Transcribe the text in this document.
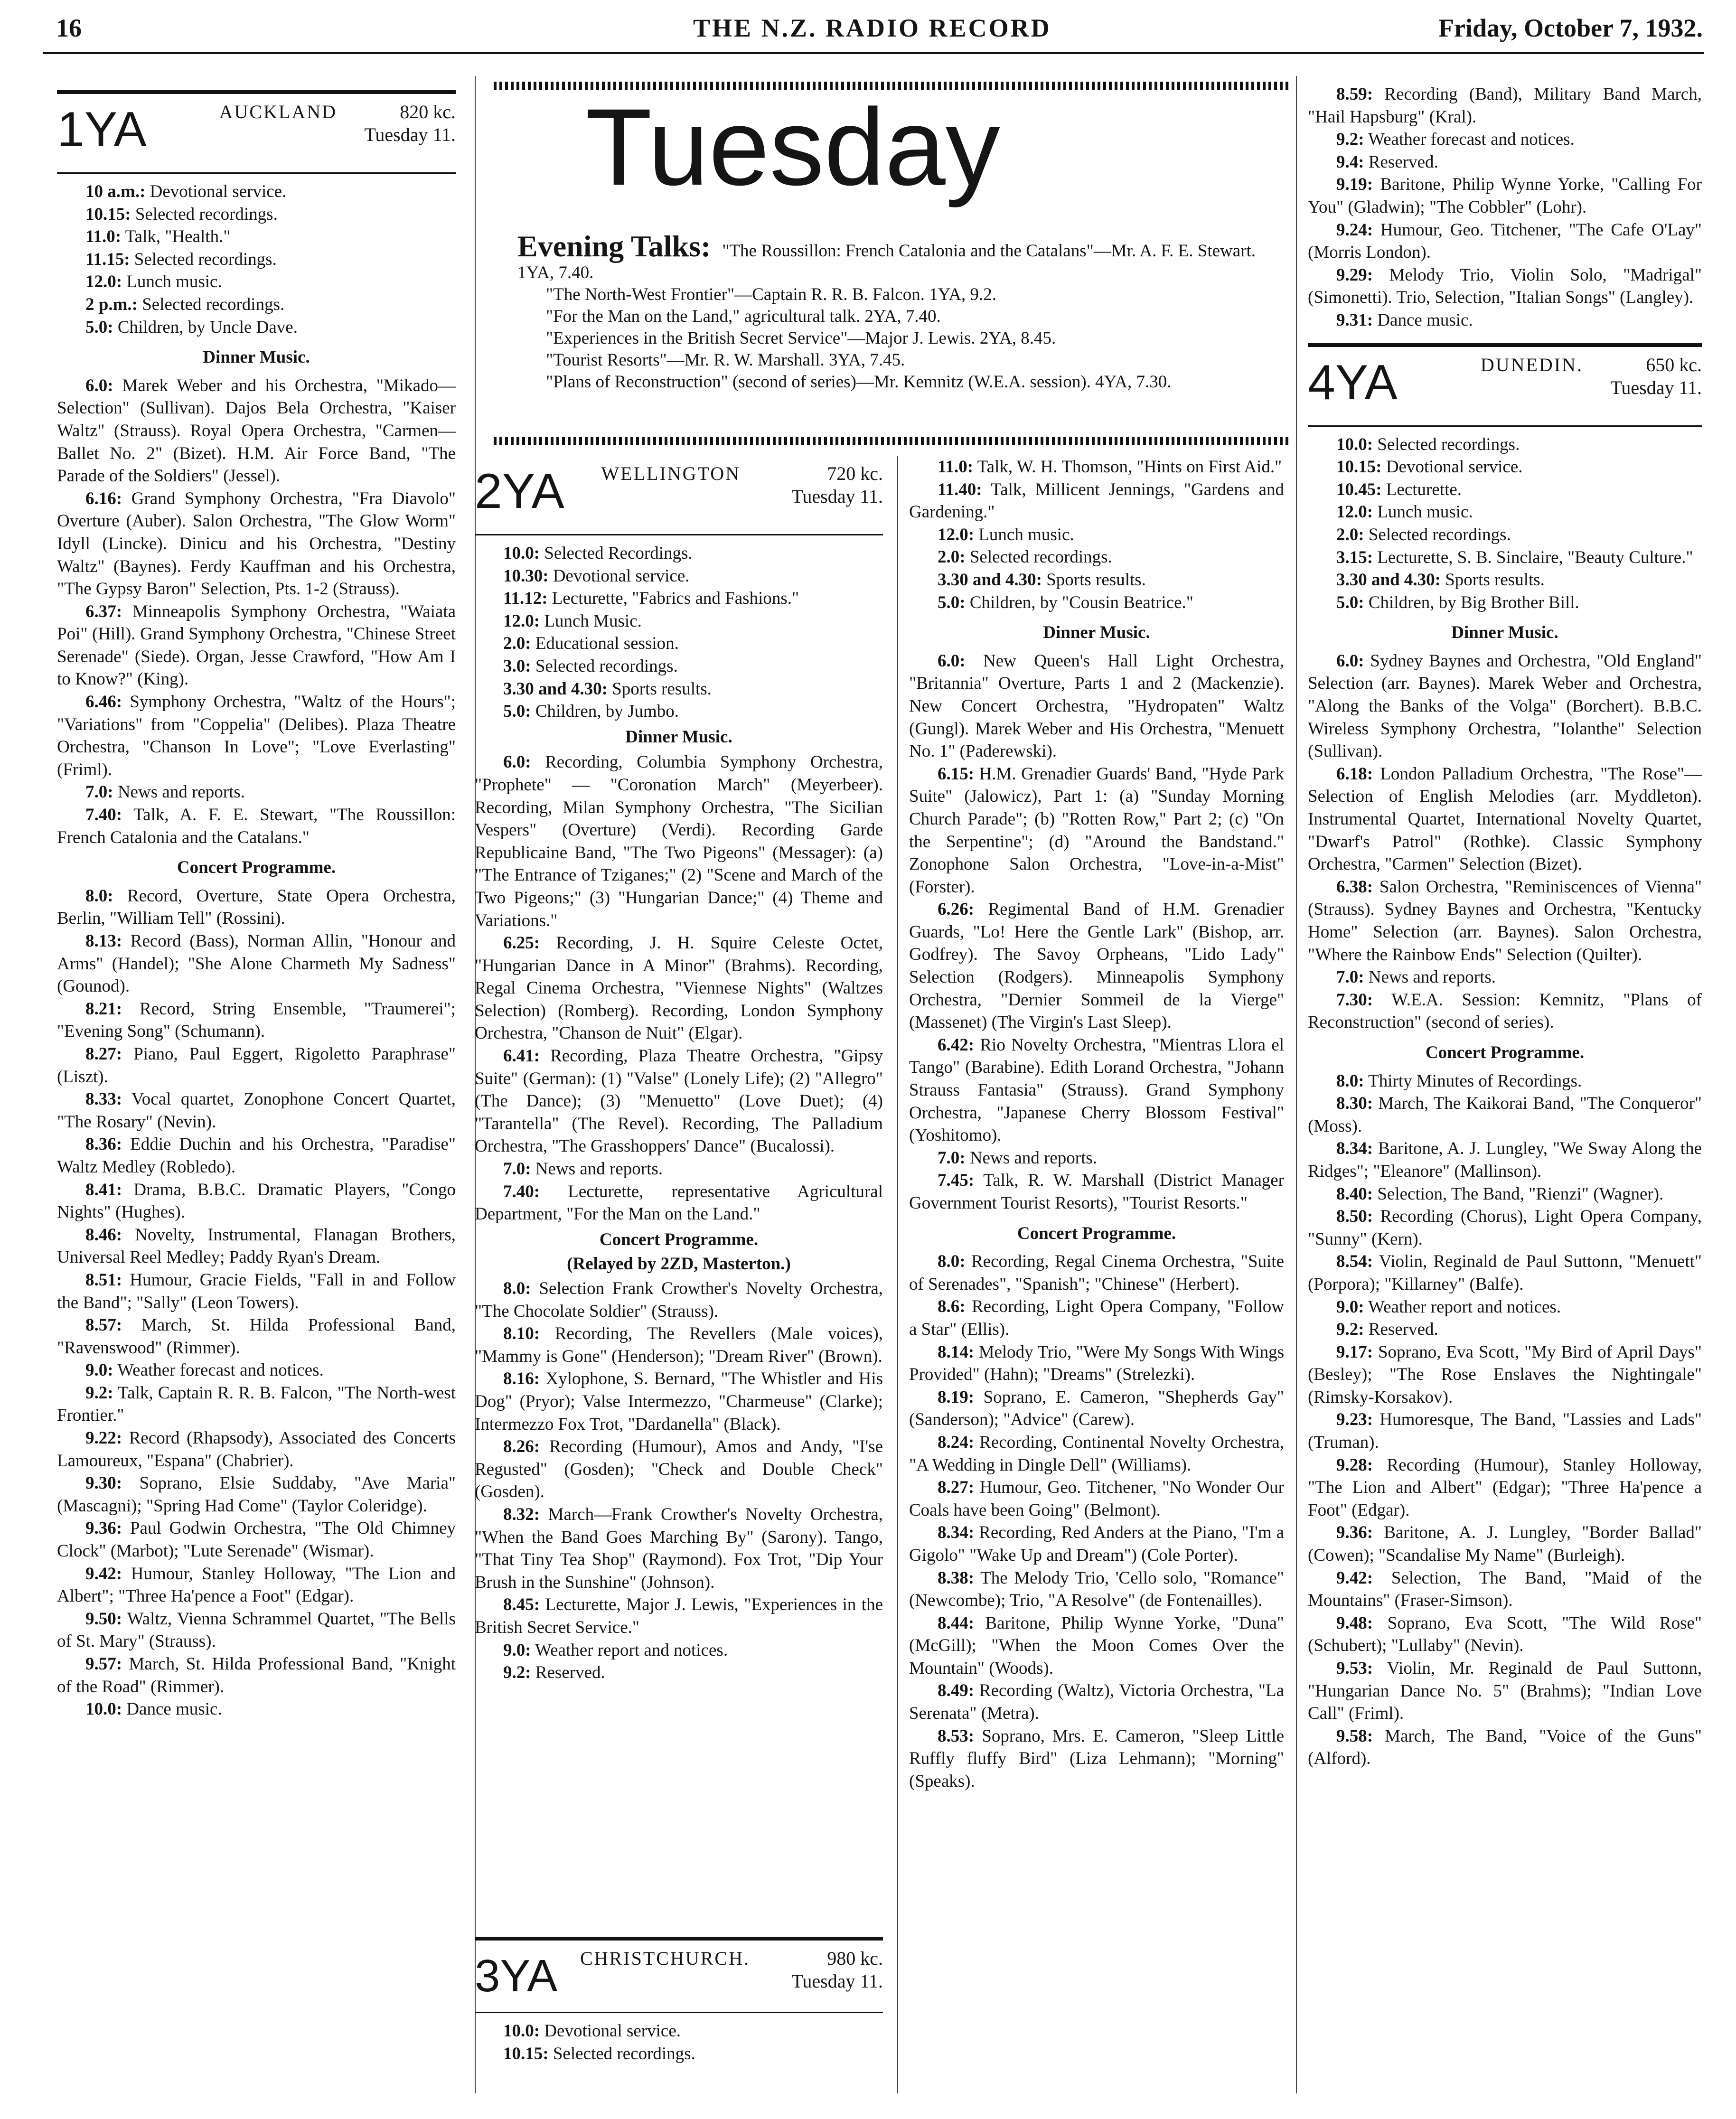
16	THE N.Z. RADIO RECORD	Friday, October 7, 1932.
Tuesday

Evening Talks: "The Roussillon: French Catalonia and the Catalans"—Mr. A. F. E. Stewart. 1YA, 7.40.

"The North-West Frontier"—Captain R. R. B. Falcon. 1YA, 9.2.

"For the Man on the Land," agricultural talk. 2YA, 7.40.

"Experiences in the British Secret Service"—Major J. Lewis. 2YA, 8.45.

"Tourist Resorts"—Mr. R. W. Marshall. 3YA, 7.45.

"Plans of Reconstruction" (second of series)—Mr. Kemnitz (W.E.A. session). 4YA, 7.30.

1YA	AUCKLAND	820 kc.
Tuesday 11.

10 a.m.: Devotional service.

10.15: Selected recordings.

11.0: Talk, "Health."

11.15: Selected recordings.

12.0: Lunch music.

2 p.m.: Selected recordings.

5.0: Children, by Uncle Dave.

Dinner Music.

6.0: Marek Weber and his Orchestra, "Mikado—Selection" (Sullivan). Dajos Bela Orchestra, "Kaiser Waltz" (Strauss). Royal Opera Orchestra, "Carmen—Ballet No. 2" (Bizet). H.M. Air Force Band, "The Parade of the Soldiers" (Jessel).

6.16: Grand Symphony Orchestra, "Fra Diavolo" Overture (Auber). Salon Orchestra, "The Glow Worm" Idyll (Lincke). Dinicu and his Orchestra, "Destiny Waltz" (Baynes). Ferdy Kauffman and his Orchestra, "The Gypsy Baron" Selection, Pts. 1-2 (Strauss).

6.37: Minneapolis Symphony Orchestra, "Waiata Poi" (Hill). Grand Symphony Orchestra, "Chinese Street Serenade" (Siede). Organ, Jesse Crawford, "How Am I to Know?" (King).

6.46: Symphony Orchestra, "Waltz of the Hours"; "Variations" from "Coppelia" (Delibes). Plaza Theatre Orchestra, "Chanson In Love"; "Love Everlasting" (Friml).

7.0: News and reports.

7.40: Talk, A. F. E. Stewart, "The Roussillon: French Catalonia and the Catalans."

Concert Programme.

8.0: Record, Overture, State Opera Orchestra, Berlin, "William Tell" (Rossini).

8.13: Record (Bass), Norman Allin, "Honour and Arms" (Handel); "She Alone Charmeth My Sadness" (Gounod).

8.21: Record, String Ensemble, "Traumerei"; "Evening Song" (Schumann).

8.27: Piano, Paul Eggert, Rigoletto Paraphrase" (Liszt).

8.33: Vocal quartet, Zonophone Concert Quartet, "The Rosary" (Nevin).

8.36: Eddie Duchin and his Orchestra, "Paradise" Waltz Medley (Robledo).

8.41: Drama, B.B.C. Dramatic Players, "Congo Nights" (Hughes).

8.46: Novelty, Instrumental, Flanagan Brothers, Universal Reel Medley; Paddy Ryan's Dream.

8.51: Humour, Gracie Fields, "Fall in and Follow the Band"; "Sally" (Leon Towers).

8.57: March, St. Hilda Professional Band, "Ravenswood" (Rimmer).

9.0: Weather forecast and notices.

9.2: Talk, Captain R. R. B. Falcon, "The North-west Frontier."

9.22: Record (Rhapsody), Associated des Concerts Lamoureux, "Espana" (Chabrier).

9.30: Soprano, Elsie Suddaby, "Ave Maria" (Mascagni); "Spring Had Come" (Taylor Coleridge).

9.36: Paul Godwin Orchestra, "The Old Chimney Clock" (Marbot); "Lute Serenade" (Wismar).

9.42: Humour, Stanley Holloway, "The Lion and Albert"; "Three Ha'pence a Foot" (Edgar).

9.50: Waltz, Vienna Schrammel Quartet, "The Bells of St. Mary" (Strauss).

9.57: March, St. Hilda Professional Band, "Knight of the Road" (Rimmer).

10.0: Dance music.

2YA WELLINGTON	720 kc.
Tuesday 11.

10.0: Selected Recordings.

10.30: Devotional service.

11.12: Lecturette, "Fabrics and Fashions."

12.0: Lunch Music.

2.0: Educational session.

3.0: Selected recordings.

3.30 and 4.30: Sports results.

5.0: Children, by Jumbo.

Dinner Music.

6.0: Recording, Columbia Symphony Orchestra, "Prophete" — "Coronation March" (Meyerbeer). Recording, Milan Symphony Orchestra, "The Sicilian Vespers" (Overture) (Verdi). Recording Garde Republicaine Band, "The Two Pigeons" (Messager): (a) "The Entrance of Tziganes;" (2) "Scene and March of the Two Pigeons;" (3) "Hungarian Dance;" (4) Theme and Variations."

6.25: Recording, J. H. Squire Celeste Octet, "Hungarian Dance in A Minor" (Brahms). Recording, Regal Cinema Orchestra, "Viennese Nights" (Waltzes Selection) (Romberg). Recording, London Symphony Orchestra, "Chanson de Nuit" (Elgar).

6.41: Recording, Plaza Theatre Orchestra, "Gipsy Suite" (German): (1) "Valse" (Lonely Life); (2) "Allegro" (The Dance); (3) "Menuetto" (Love Duet); (4) "Tarantella" (The Revel). Recording, The Palladium Orchestra, "The Grasshoppers' Dance" (Bucalossi).

7.0: News and reports.

7.40: Lecturette, representative Agricultural Department, "For the Man on the Land."

Concert Programme.

(Relayed by 2ZD, Masterton.)

8.0: Selection Frank Crowther's Novelty Orchestra, "The Chocolate Soldier" (Strauss).

8.10: Recording, The Revellers (Male voices), "Mammy is Gone" (Henderson); "Dream River" (Brown).

8.16: Xylophone, S. Bernard, "The Whistler and His Dog" (Pryor); Valse Intermezzo, "Charmeuse" (Clarke); Intermezzo Fox Trot, "Dardanella" (Black).

8.26: Recording (Humour), Amos and Andy, "I'se Regusted" (Gosden); "Check and Double Check" (Gosden).

8.32: March—Frank Crowther's Novelty Orchestra, "When the Band Goes Marching By" (Sarony). Tango, "That Tiny Tea Shop" (Raymond). Fox Trot, "Dip Your Brush in the Sunshine" (Johnson).

8.45: Lecturette, Major J. Lewis, "Experiences in the British Secret Service."

9.0: Weather report and notices.

9.2: Reserved.

3YA CHRISTCHURCH.	980 kc.
Tuesday 11.

10.0: Devotional service.

10.15: Selected recordings.

11.0: Talk, W. H. Thomson, "Hints on First Aid."

11.40: Talk, Millicent Jennings, "Gardens and Gardening."

12.0: Lunch music.

2.0: Selected recordings.

3.30 and 4.30: Sports results.

5.0: Children, by "Cousin Beatrice."

Dinner Music.

6.0: New Queen's Hall Light Orchestra, "Britannia" Overture, Parts 1 and 2 (Mackenzie). New Concert Orchestra, "Hydropaten" Waltz (Gungl). Marek Weber and His Orchestra, "Menuett No. 1" (Paderewski).

6.15: H.M. Grenadier Guards' Band, "Hyde Park Suite" (Jalowicz), Part 1: (a) "Sunday Morning Church Parade"; (b) "Rotten Row," Part 2; (c) "On the Serpentine"; (d) "Around the Bandstand." Zonophone Salon Orchestra, "Love-in-a-Mist" (Forster).

6.26: Regimental Band of H.M. Grenadier Guards, "Lo! Here the Gentle Lark" (Bishop, arr. Godfrey). The Savoy Orpheans, "Lido Lady" Selection (Rodgers). Minneapolis Symphony Orchestra, "Dernier Sommeil de la Vierge" (Massenet) (The Virgin's Last Sleep).

6.42: Rio Novelty Orchestra, "Mientras Llora el Tango" (Barabine). Edith Lorand Orchestra, "Johann Strauss Fantasia" (Strauss). Grand Symphony Orchestra, "Japanese Cherry Blossom Festival" (Yoshitomo).

7.0: News and reports.

7.45: Talk, R. W. Marshall (District Manager Government Tourist Resorts), "Tourist Resorts."

Concert Programme.

8.0: Recording, Regal Cinema Orchestra, "Suite of Serenades", "Spanish"; "Chinese" (Herbert).

8.6: Recording, Light Opera Company, "Follow a Star" (Ellis).

8.14: Melody Trio, "Were My Songs With Wings Provided" (Hahn); "Dreams" (Strelezki).

8.19: Soprano, E. Cameron, "Shepherds Gay" (Sanderson); "Advice" (Carew).

8.24: Recording, Continental Novelty Orchestra, "A Wedding in Dingle Dell" (Williams).

8.27: Humour, Geo. Titchener, "No Wonder Our Coals have been Going" (Belmont).

8.34: Recording, Red Anders at the Piano, "I'm a Gigolo" "Wake Up and Dream") (Cole Porter).

8.38: The Melody Trio, 'Cello solo, "Romance" (Newcombe); Trio, "A Resolve" (de Fontenailles).

8.44: Baritone, Philip Wynne Yorke, "Duna" (McGill); "When the Moon Comes Over the Mountain" (Woods).

8.49: Recording (Waltz), Victoria Orchestra, "La Serenata" (Metra).

8.53: Soprano, Mrs. E. Cameron, "Sleep Little Ruffly fluffy Bird" (Liza Lehmann); "Morning" (Speaks).

8.59: Recording (Band), Military Band March, "Hail Hapsburg" (Kral).

9.2: Weather forecast and notices.

9.4: Reserved.

9.19: Baritone, Philip Wynne Yorke, "Calling For You" (Gladwin); "The Cobbler" (Lohr).

9.24: Humour, Geo. Titchener, "The Cafe O'Lay" (Morris London).

9.29: Melody Trio, Violin Solo, "Madrigal" (Simonetti). Trio, Selection, "Italian Songs" (Langley).

9.31: Dance music.

4YA	DUNEDIN.	650 kc.
Tuesday 11.

10.0: Selected recordings.

10.15: Devotional service.

10.45: Lecturette.

12.0: Lunch music.

2.0: Selected recordings.

3.15: Lecturette, S. B. Sinclaire, "Beauty Culture."

3.30 and 4.30: Sports results.

5.0: Children, by Big Brother Bill.

Dinner Music.

6.0: Sydney Baynes and Orchestra, "Old England" Selection (arr. Baynes). Marek Weber and Orchestra, "Along the Banks of the Volga" (Borchert). B.B.C. Wireless Symphony Orchestra, "Iolanthe" Selection (Sullivan).

6.18: London Palladium Orchestra, "The Rose"—Selection of English Melodies (arr. Myddleton). Instrumental Quartet, International Novelty Quartet, "Dwarf's Patrol" (Rothke). Classic Symphony Orchestra, "Carmen" Selection (Bizet).

6.38: Salon Orchestra, "Reminiscences of Vienna" (Strauss). Sydney Baynes and Orchestra, "Kentucky Home" Selection (arr. Baynes). Salon Orchestra, "Where the Rainbow Ends" Selection (Quilter).

7.0: News and reports.

7.30: W.E.A. Session: Kemnitz, "Plans of Reconstruction" (second of series).

Concert Programme.

8.0: Thirty Minutes of Recordings.

8.30: March, The Kaikorai Band, "The Conqueror" (Moss).

8.34: Baritone, A. J. Lungley, "We Sway Along the Ridges"; "Eleanore" (Mallinson).

8.40: Selection, The Band, "Rienzi" (Wagner).

8.50: Recording (Chorus), Light Opera Company, "Sunny" (Kern).

8.54: Violin, Reginald de Paul Suttonn, "Menuett" (Porpora); "Killarney" (Balfe).

9.0: Weather report and notices.

9.2: Reserved.

9.17: Soprano, Eva Scott, "My Bird of April Days" (Besley); "The Rose Enslaves the Nightingale" (Rimsky-Korsakov).

9.23: Humoresque, The Band, "Lassies and Lads" (Truman).

9.28: Recording (Humour), Stanley Holloway, "The Lion and Albert" (Edgar); "Three Ha'pence a Foot" (Edgar).

9.36: Baritone, A. J. Lungley, "Border Ballad" (Cowen); "Scandalise My Name" (Burleigh).

9.42: Selection, The Band, "Maid of the Mountains" (Fraser-Simson).

9.48: Soprano, Eva Scott, "The Wild Rose" (Schubert); "Lullaby" (Nevin).

9.53: Violin, Mr. Reginald de Paul Suttonn, "Hungarian Dance No. 5" (Brahms); "Indian Love Call" (Friml).

9.58: March, The Band, "Voice of the Guns" (Alford).
